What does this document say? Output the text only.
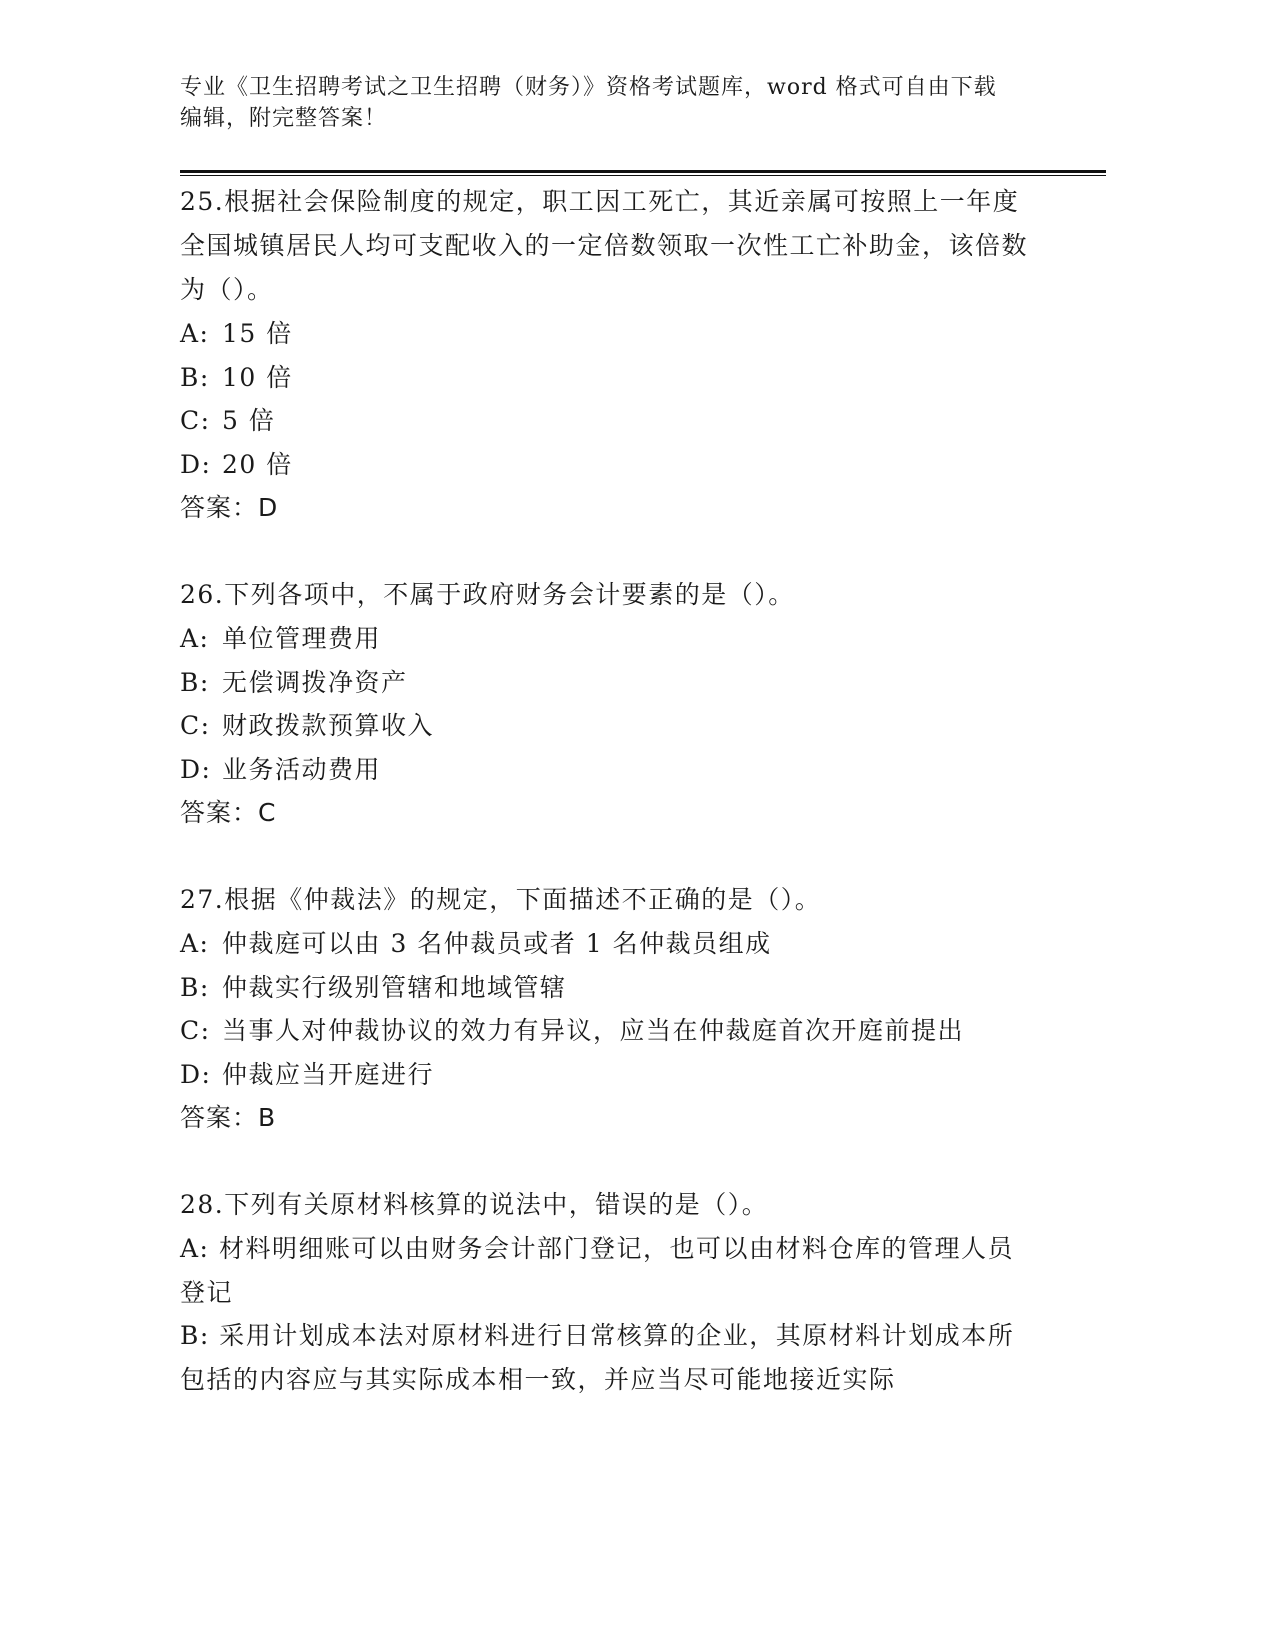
专业《卫生招聘考试之卫生招聘（财务）》资格考试题库，word 格式可自由下载
编辑，附完整答案！

25.根据社会保险制度的规定，职工因工死亡，其近亲属可按照上一年度全国城镇居民人均可支配收入的一定倍数领取一次性工亡补助金，该倍数为（）。

A: 15 倍

B: 10 倍

C: 5 倍

D: 20 倍

答案：D

26.下列各项中，不属于政府财务会计要素的是（）。

A: 单位管理费用

B: 无偿调拨净资产

C: 财政拨款预算收入

D: 业务活动费用

答案：C

27.根据《仲裁法》的规定，下面描述不正确的是（）。

A: 仲裁庭可以由 3 名仲裁员或者 1 名仲裁员组成

B: 仲裁实行级别管辖和地域管辖

C: 当事人对仲裁协议的效力有异议，应当在仲裁庭首次开庭前提出

D: 仲裁应当开庭进行

答案：B

28.下列有关原材料核算的说法中，错误的是（）。

A: 材料明细账可以由财务会计部门登记，也可以由材料仓库的管理人员登记

B: 采用计划成本法对原材料进行日常核算的企业，其原材料计划成本所包括的内容应与其实际成本相一致，并应当尽可能地接近实际
